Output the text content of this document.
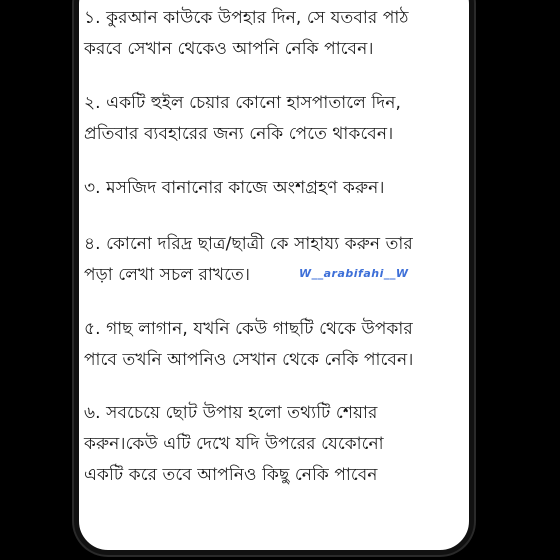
১. কুরআন কাউকে উপহার দিন, সে যতবার পাঠ
করবে সেখান থেকেও আপনি নেকি পাবেন।

২. একটি হুইল চেয়ার কোনো হাসপাতালে দিন,
প্রতিবার ব্যবহারের জন্য নেকি পেতে থাকবেন।

৩. মসজিদ বানানোর কাজে অংশগ্রহণ করুন।

৪. কোনো দরিদ্র ছাত্র/ছাত্রী কে সাহায্য করুন তার
পড়া লেখা সচল রাখতে।	W__arabifahi__W

৫. গাছ লাগান, যখনি কেউ গাছটি থেকে উপকার
পাবে তখনি আপনিও সেখান থেকে নেকি পাবেন।

৬. সবচেয়ে ছোট উপায় হলো তথ্যটি শেয়ার
করুন।কেউ এটি দেখে যদি উপরের যেকোনো
একটি করে তবে আপনিও কিছু নেকি পাবেন
